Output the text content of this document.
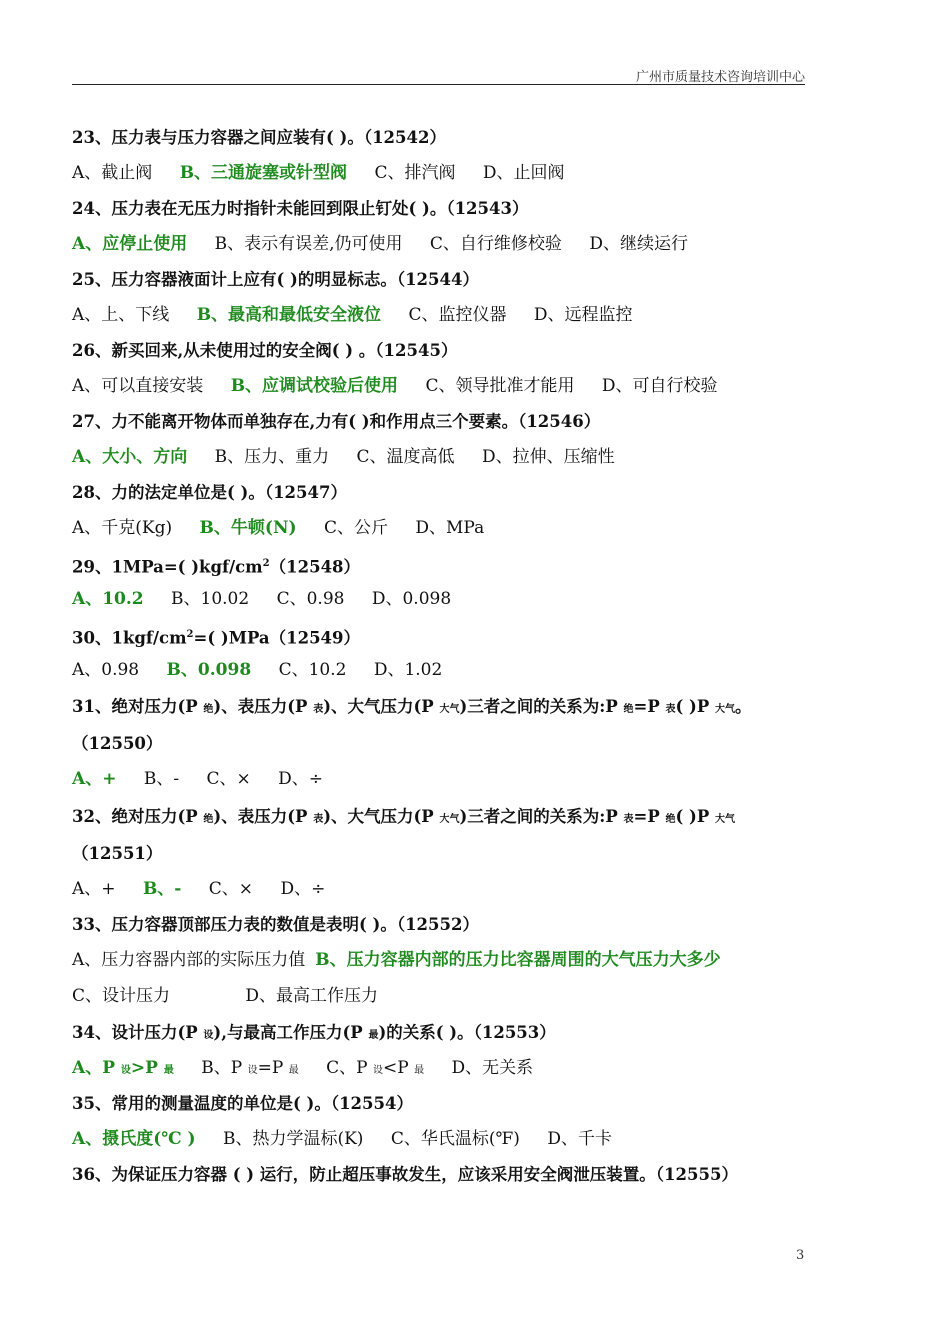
广州市质量技术咨询培训中心
23、压力表与压力容器之间应装有( )。（12542）
A、截止阀 B、三通旋塞或针型阀 C、排汽阀 D、止回阀
24、压力表在无压力时指针未能回到限止钉处( )。（12543）
A、应停止使用 B、表示有误差,仍可使用 C、自行维修校验 D、继续运行
25、压力容器液面计上应有( )的明显标志。（12544）
A、上、下线 B、最高和最低安全液位 C、监控仪器 D、远程监控
26、新买回来,从未使用过的安全阀( ) 。（12545）
A、可以直接安装 B、应调试校验后使用 C、领导批准才能用 D、可自行校验
27、力不能离开物体而单独存在,力有( )和作用点三个要素。（12546）
A、大小、方向 B、压力、重力 C、温度高低 D、拉伸、压缩性
28、力的法定单位是( )。（12547）
A、千克(Kg) B、牛顿(N) C、公斤 D、MPa
29、1MPa=( )$kgf/cm^2(12548)$
A、10.2 B、10.02 C、0.98 D、0.098
30、$1kgf/cm^2=$( )MPa（12549）
A、0.98 B、0.098 C、10.2 D、1.02
31、绝对压力(P 绝)、表压力(P 表)、大气压力(P 大气)三者之间的关系为:P 绝=P 表( )P 大气。
（12550）
A、+ B、- C、× D、÷
32、绝对压力(P 绝)、表压力(P 表)、大气压力(P 大气)三者之间的关系为:P 表=P 绝( )P 大气
（12551）
A、+ B、- C、× D、÷
33、压力容器顶部压力表的数值是表明( )。（12552）
A、压力容器内部的实际压力值 B、压力容器内部的压力比容器周围的大气压力大多少
C、设计压力	D、最高工作压力
34、设计压力(P 设),与最高工作压力(P 最)的关系( )。（12553）
A、P 设>P 最 B、P 设=P 最 C、P 设<P 最 D、无关系
35、常用的测量温度的单位是( )。（12554）
A、摄氏度(℃ ) B、热力学温标(K) C、华氏温标(℉) D、千卡
36、为保证压力容器 ( ) 运行，防止超压事故发生，应该采用安全阀泄压装置。（12555）
3
